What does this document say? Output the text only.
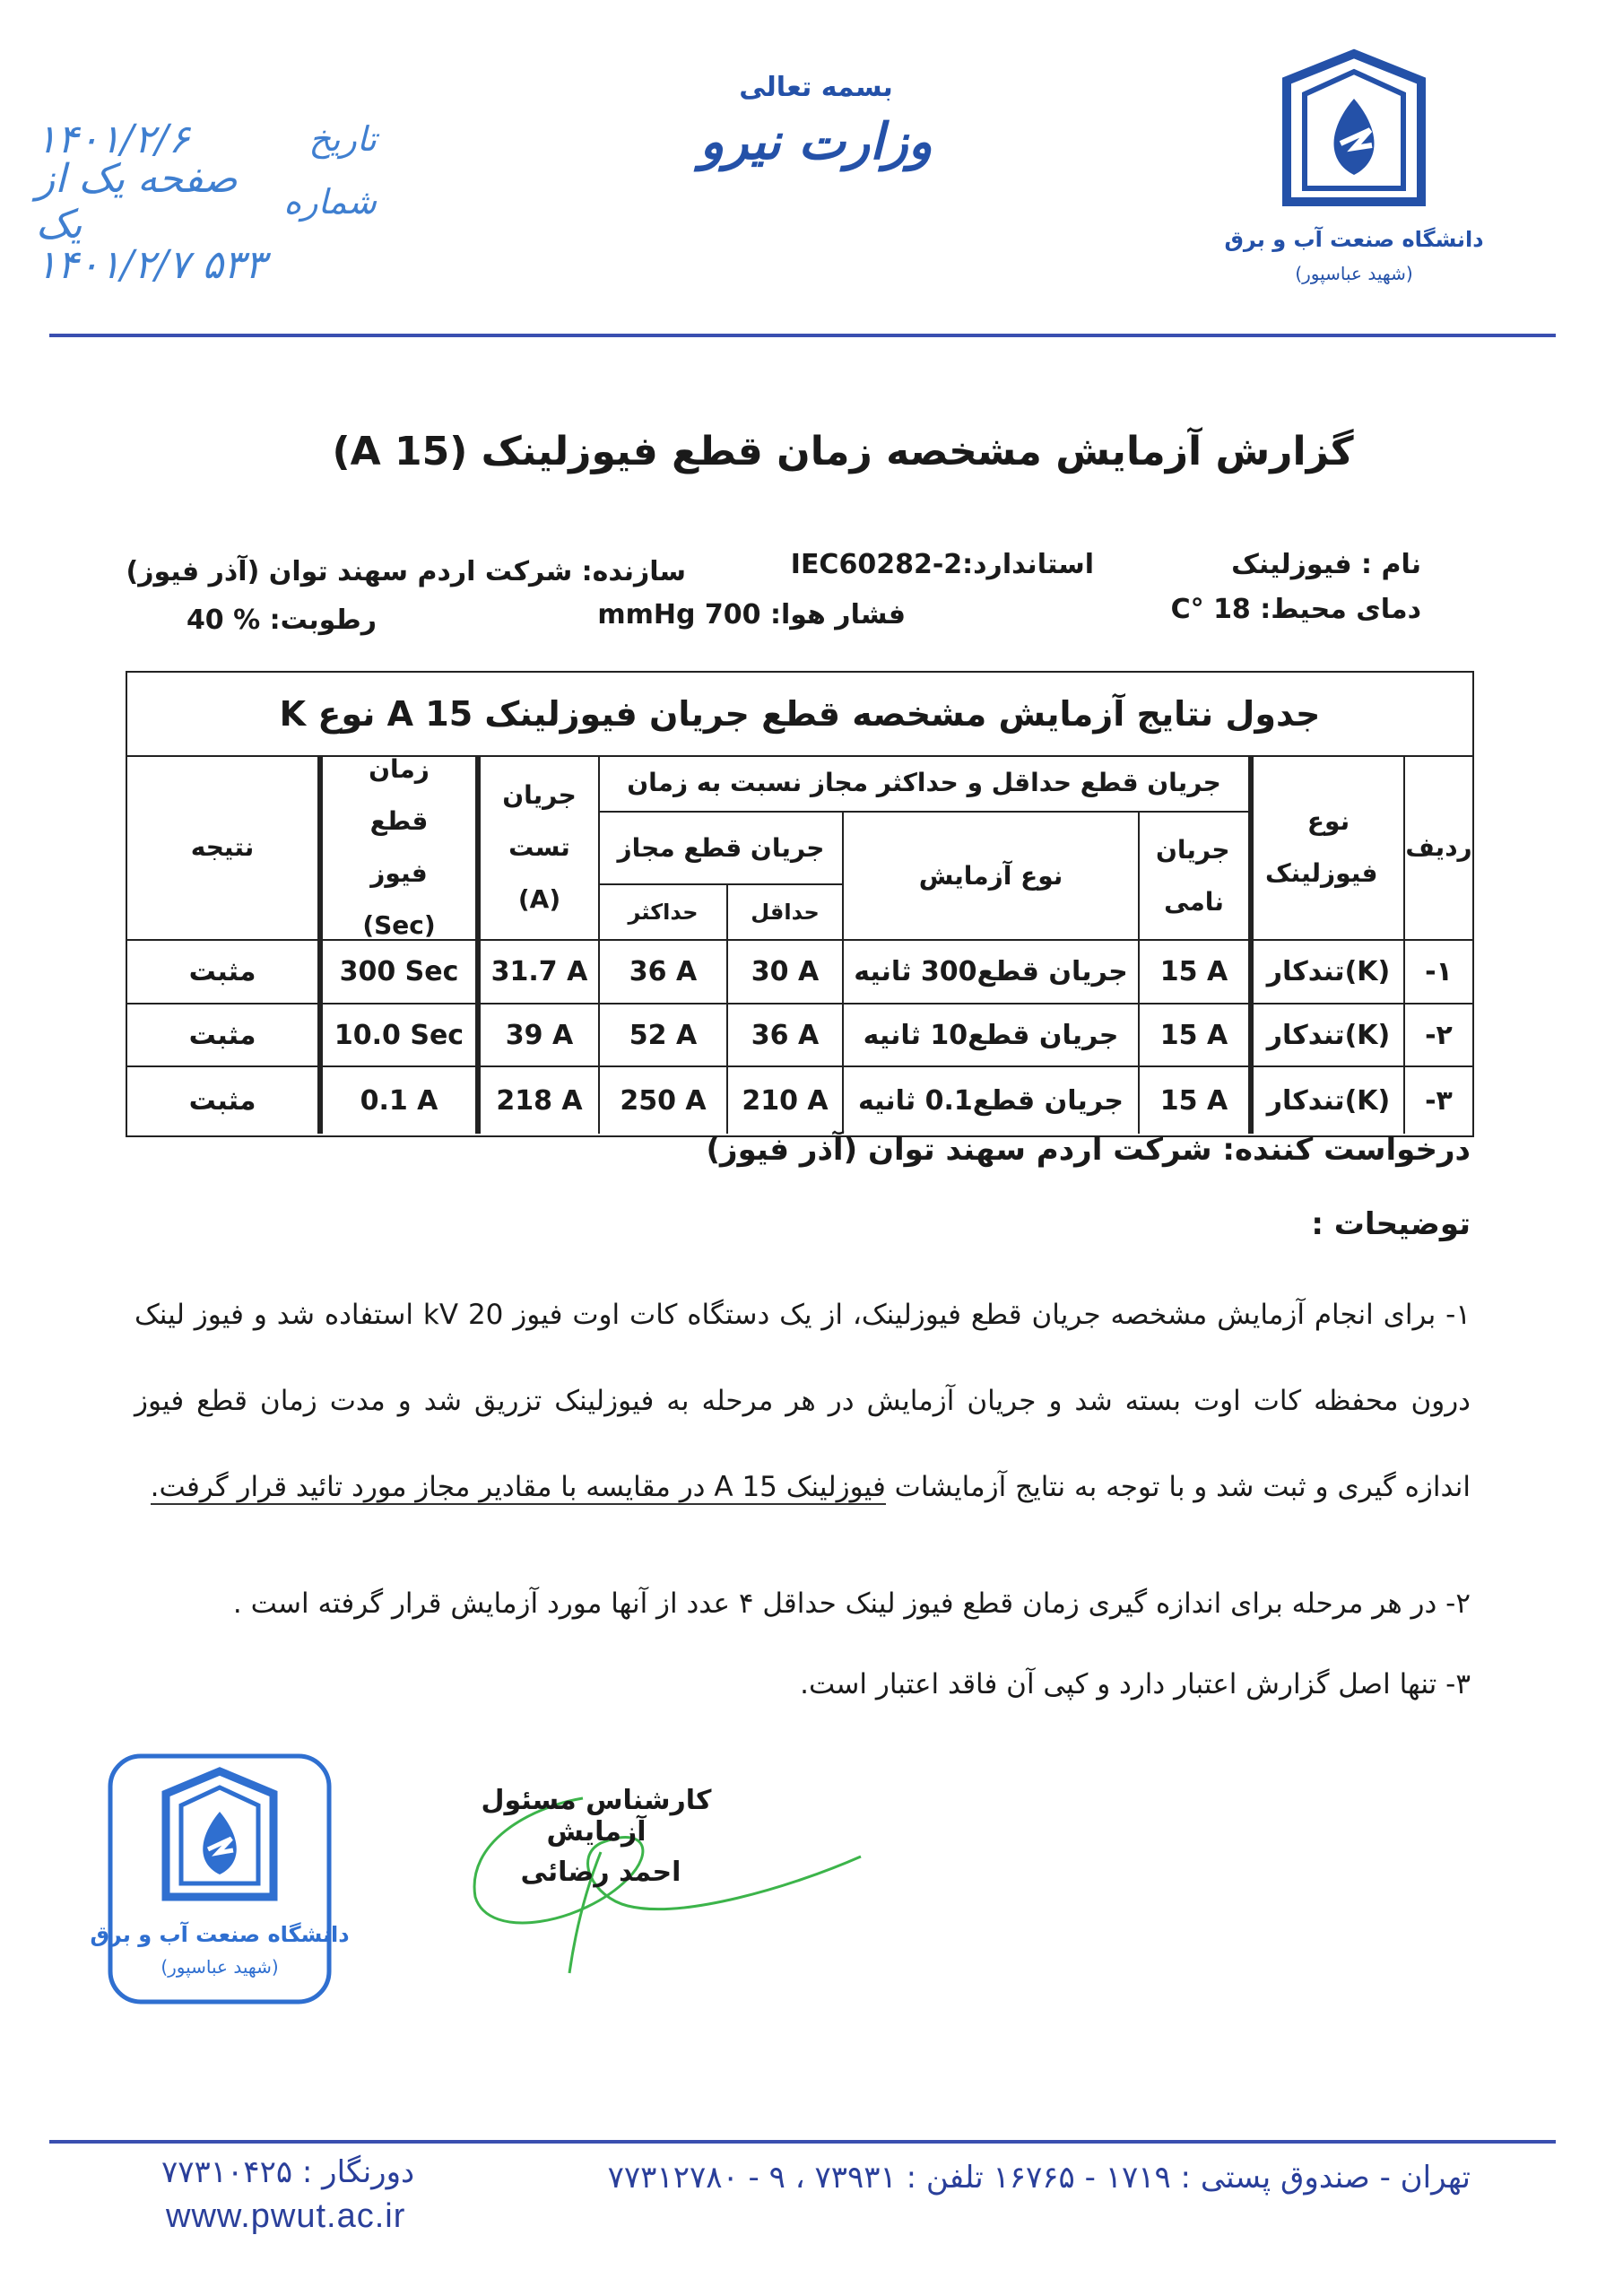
۱۴۰۱/۲/۶	تاریخ
صفحه یک از یک	شماره
۱۴۰۱/۲/۷ ۵۳۳
بسمه تعالی
وزارت نیرو
دانشگاه صنعت آب و برق
(شهید عباسپور)
گزارش آزمایش مشخصه زمان قطع فیوزلینک (15 A)
نام : فیوزلینک
استاندارد:IEC60282-2
سازنده: شرکت اردم سهند توان (آذر فیوز)
دمای محیط: 18 °C
فشار هوا: 700 mmHg
رطوبت: % 40
جدول نتایج آزمایش مشخصه قطع جریان فیوزلینک 15 A نوع K
ردیف
نوع فیوزلینک
جریان قطع حداقل و حداکثر مجاز نسبت به زمان
جریان نامی
نوع آزمایش
جریان قطع مجاز
حداقل
حداکثر
جریان تست (A)
زمان قطع فیوز (Sec)
نتیجه
-۱
تندکار(K)
15 A
جریان قطع300 ثانیه
30 A
36 A
31.7 A
300 Sec
مثبت
-۲
تندکار(K)
15 A
جریان قطع10 ثانیه
36 A
52 A
39 A
10.0 Sec
مثبت
-۳
تندکار(K)
15 A
جریان قطع0.1 ثانیه
210 A
250 A
218 A
0.1 A
مثبت
درخواست کننده: شرکت اردم سهند توان (آذر فیوز)
توضیحات :
۱- برای انجام آزمایش مشخصه جریان قطع فیوزلینک، از یک دستگاه کات اوت فیوز 20 kV استفاده شد و فیوز لینک درون محفظه کات اوت بسته شد و جریان آزمایش در هر مرحله به فیوزلینک تزریق شد و مدت زمان قطع فیوز اندازه گیری و ثبت شد و با توجه به نتایج آزمایشات فیوزلینک 15 A در مقایسه با مقادیر مجاز مورد تائید قرار گرفت.
۲- در هر مرحله برای اندازه گیری زمان قطع فیوز لینک حداقل ۴ عدد از آنها مورد آزمایش قرار گرفته است .
۳- تنها اصل گزارش اعتبار دارد و کپی آن فاقد اعتبار است.
دانشگاه صنعت آب و برق
(شهید عباسپور)
کارشناس مسئول آزمایش
احمد رضائی
تهران - صندوق پستی : ۱۷۱۹ - ۱۶۷۶۵ تلفن : ۷۳۹۳۱ ، ۹ - ۷۷۳۱۲۷۸۰
دورنگار : ۷۷۳۱۰۴۲۵
www.pwut.ac.ir
